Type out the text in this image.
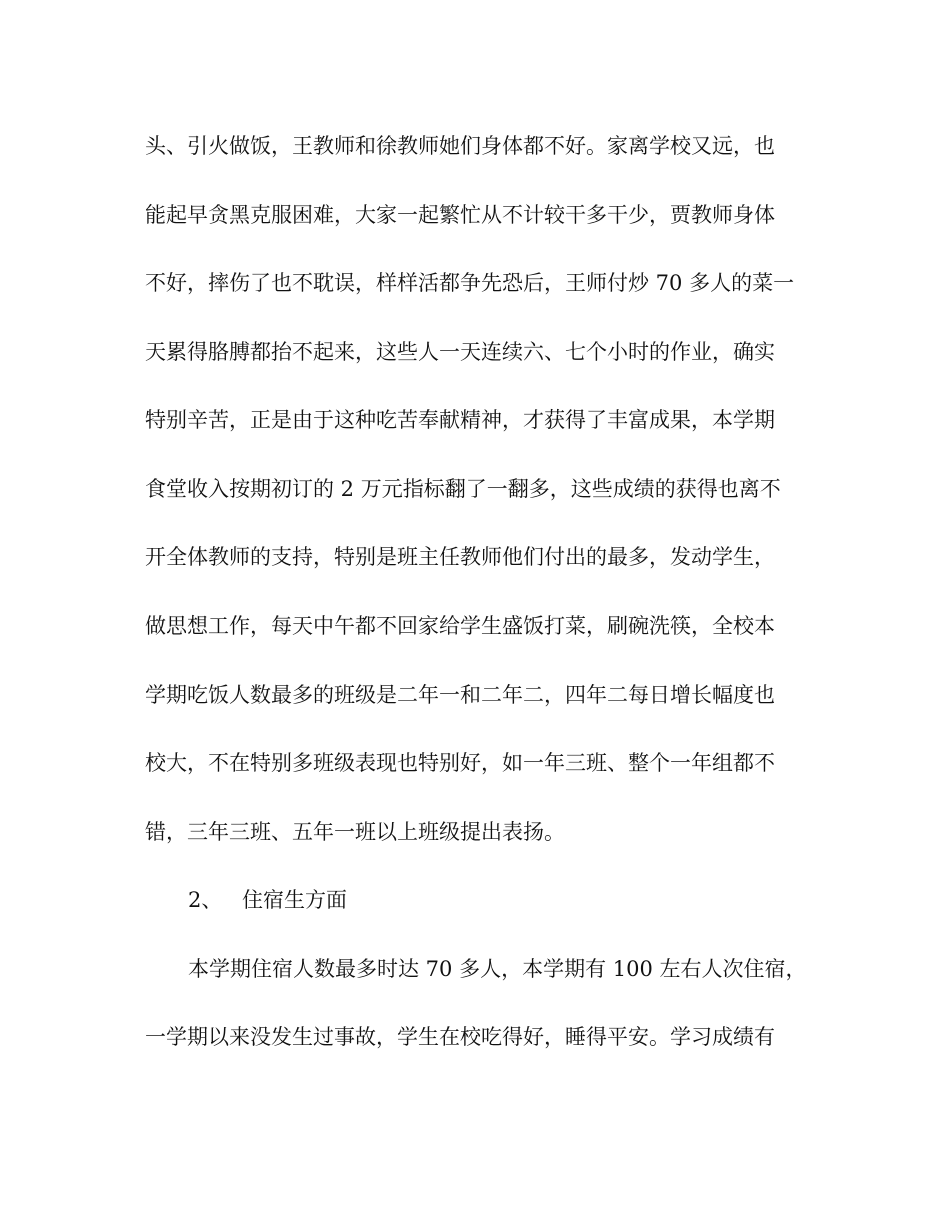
头、引火做饭，王教师和徐教师她们身体都不好。家离学校又远，也
能起早贪黑克服困难，大家一起繁忙从不计较干多干少，贾教师身体
不好，摔伤了也不耽误，样样活都争先恐后，王师付炒 70 多人的菜一
天累得胳膊都抬不起来，这些人一天连续六、七个小时的作业，确实
特别辛苦，正是由于这种吃苦奉献精神，才获得了丰富成果，本学期
食堂收入按期初订的 2 万元指标翻了一翻多，这些成绩的获得也离不
开全体教师的支持，特别是班主任教师他们付出的最多，发动学生，
做思想工作，每天中午都不回家给学生盛饭打菜，刷碗洗筷，全校本
学期吃饭人数最多的班级是二年一和二年二，四年二每日增长幅度也
校大，不在特别多班级表现也特别好，如一年三班、整个一年组都不
错，三年三班、五年一班以上班级提出表扬。
2、 住宿生方面
本学期住宿人数最多时达 70 多人，本学期有 100 左右人次住宿，
一学期以来没发生过事故，学生在校吃得好，睡得平安。学习成绩有
